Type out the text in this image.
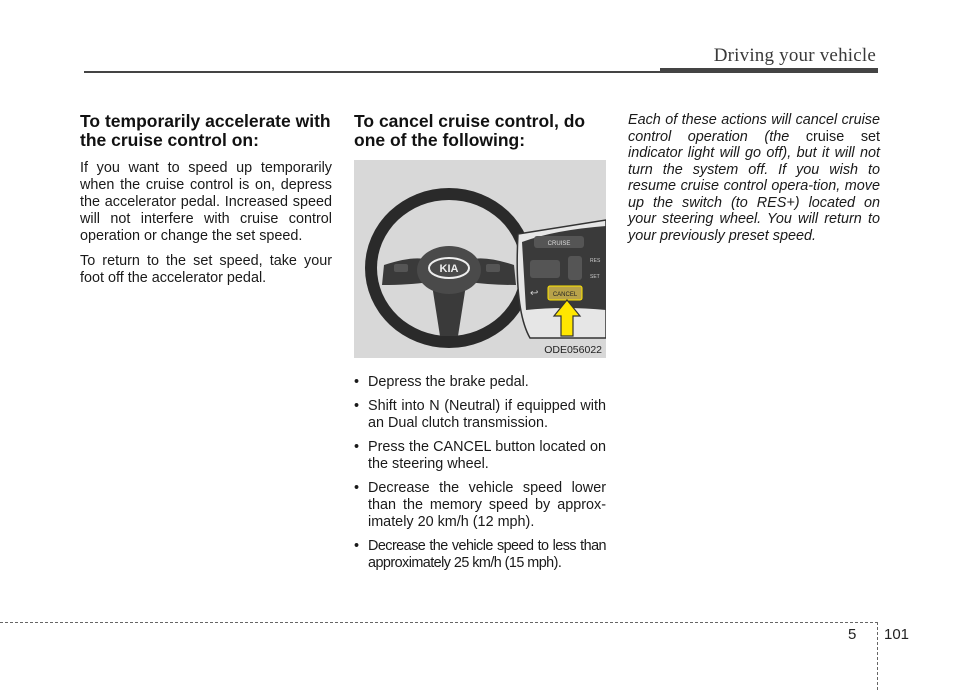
Driving your vehicle
To temporarily accelerate with the cruise control on:

If you want to speed up temporarily when the cruise control is on, depress the accelerator pedal. Increased speed will not interfere with cruise control operation or change the set speed.

To return to the set speed, take your foot off the accelerator pedal.

To cancel cruise control, do one of the following:
KIA
CRUISE
RES
SET
↩ CANCEL
ODE056022
• Depress the brake pedal.
• Shift into N (Neutral) if equipped with an Dual clutch transmission.
• Press the CANCEL button located on the steering wheel.
• Decrease the vehicle speed lower than the memory speed by approx-imately 20 km/h (12 mph).
• Decrease the vehicle speed to less than approximately 25 km/h (15 mph).

Each of these actions will cancel cruise control operation (the cruise set indicator light will go off), but it will not turn the system off. If you wish to resume cruise control opera-tion, move up the switch (to RES+) located on your steering wheel. You will return to your previously preset speed.

5 101
